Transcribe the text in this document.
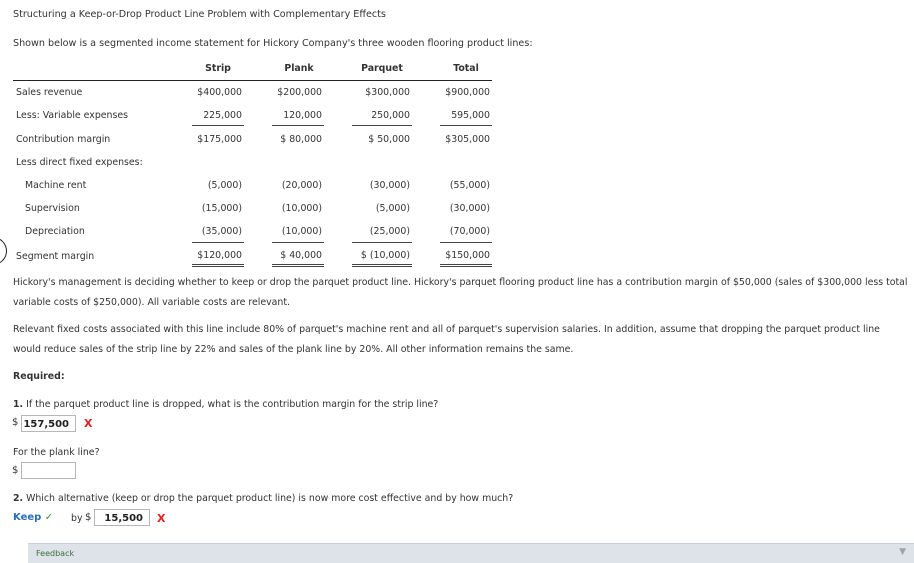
Structuring a Keep-or-Drop Product Line Problem with Complementary Effects
Shown below is a segmented income statement for Hickory Company's three wooden flooring product lines:
Strip	Plank	Parquet	Total
Sales revenue	$400,000	$200,000	$300,000	$900,000
Less: Variable expenses	225,000	120,000	250,000	595,000
Contribution margin	$175,000	$ 80,000	$ 50,000	$305,000
Less direct fixed expenses:
Machine rent	(5,000)	(20,000)	(30,000)	(55,000)
Supervision	(15,000)	(10,000)	(5,000)	(30,000)
Depreciation	(35,000)	(10,000)	(25,000)	(70,000)
Segment margin	$120,000	$ 40,000	$ (10,000)	$150,000
Hickory's management is deciding whether to keep or drop the parquet product line. Hickory's parquet flooring product line has a contribution margin of $50,000 (sales of $300,000 less total variable costs of $250,000). All variable costs are relevant.
Relevant fixed costs associated with this line include 80% of parquet's machine rent and all of parquet's supervision salaries. In addition, assume that dropping the parquet product line would reduce sales of the strip line by 22% and sales of the plank line by 20%. All other information remains the same.
Required:
1. If the parquet product line is dropped, what is the contribution margin for the strip line?
$ 157,500	X
For the plank line?
$
2. Which alternative (keep or drop the parquet product line) is now more cost effective and by how much?
Keep ✓ by $	15,500	X
Feedback	▼
